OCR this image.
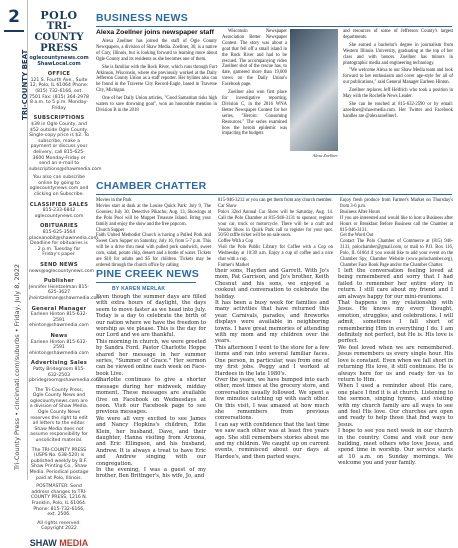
2
Tri-County Press • cincinnati.com/suburbs • Friday, July 8, 2022
TRI-COUNTY BEAT
POLO
TRI-COUNTY
PRESS
oglecountynews.com
ShawLocal.com
OFFICE
121 S. Fourth Ave., Suite 12, Polo, IL 61064 Phone: (815) 732-6166, ext. 7501 Fax: (815) 364-2978 8 a.m. to 5 p.m. Monday-Friday
SUBSCRIPTIONS
$39 in Ogle County, and $52 outside Ogle County. Single-copy price is $2. To subscribe, make a payment or discuss your delivery, call 815-625-3600 Monday-Friday or send an e-mail to subscriptions@shawmedia.com
You also can subscribe online by going to oglecountynews.com and clicking on Subscribe.
CLASSIFIED SALES
815-233-6842 oglecountynews.com
OBITUARIES
815-625-3564 placeanobit@shawmedia.com Deadline for obituaries is 2 p.m. Tuesday for Friday's paper.
SEND NEWS
news@oglecountynews.com
Publisher
Jennifer Heintzelman 815-625-3627 jheintzelman@shawmedia.com
General Manager
Earleen Hinton 815-632-2591 ehinton@shawmedia.com
News
Earleen Hinton 815-632-2591 ehinton@shawmedia.com
Advertising Sales
Patty Bridegroom 815-632-2503 pbridegroom@shawmedia.com
The Tri-County Press, Ogle County News and oglecountynews.com are a division of Shaw Media. Ogle County News reserves the right to edit all letters to the editor. Shaw Media does not assume responsibility for unsolicited material.
The TRI-COUNTY PRESS (USPS No. 638-520) is published weekly by B.F. Shaw Printing Co., Shaw Media. Periodical postage paid at Polo, Illinois.
POSTMASTER: Send address changes to TRI-COUNTY PRESS, 1216 N. Franklin, Polo, IL 61064. Phone: 815-732-6166, ext. 2506.
All rights reserved. Copyright 2022
SHAW MEDIA
BUSINESS NEWS
Alexa Zoellner joins newspaper staff

Alexa Zoellner has joined the staff of Ogle County Newspapers, a division of Shaw Media. Zoellner, 30, is a native of Cary, Illinois, but is looking forward to learning more about Ogle County and its residents as she becomes one of them.

She is familiar with the Rock River, which runs through Fort Atkinson, Wisconsin, where she previously worked at the Daily Jefferson County Union as a staff reporter. Her bylines also can be found in the Traverse City Record-Eagle, based in Traverse City, Michigan.

One of her Daily Union articles, "Good Samaritan risks high waters to save drowning goat", won an honorable mention in Division B in the 2018

Wisconsin Newspaper Association Better Newspaper Contest. The story was about a goat that fell off a small island in the Rock River and had to be rescued. The accompanying video Zoellner shot of the rescue has, to date, garnered more than 19,000 views on the Daily Union's Facebook page.

Zoellner also won first place for investigative reporting, Division C, in the 2016 WNA Better Newspaper Contest for her series, "Heroin: Consuming Resources." The series examined how the heroin epidemic was impacting the budgets

Alexa Zoellner

and resources of some of Jefferson County's largest departments.

She earned a bachelor's degree in journalism from Western Illinois University, graduating at the top of her class and with honors. Zoellner has minors in photographic media and engineering technology.

"We welcome Alexa to our Shaw Media team and look forward to her enthusiasm and cover age-style for all of our publications," said General Manager Earleen Hinton.

Zoellner replaces Jeff Helfrich who took a position in May with the Rochelle News Leader.

She can be reached at 815-632-2590 or by email: azoellner@shawmedia.com. Her Twitter and Facebook handles are @alexazoellner1.

CHAMBER CHATTER
Movies in the Park
Movies start at dusk at the Louise Quick Park: July 9, The Goonies; July 30, Detective Pikachu; Aug. 13, Showings at the Polo Pool will be Muppet Treasure Island. Bring your family and enjoy the show and the free popcorn.
Church Supper
Faith United Methodist Church is having a Pulled Pork and Sweet Corn Supper on Saturday, July 16, from 5-7 p.m. This will be a drive thru meal with pulled pork sandwich, sweet corn, salad, potato chip, dessert and a bottle of water. Tickets are $10 for adults and $5 for children. Tickets may be ordered through the church office by calling
815-946-3212 or you can get them from any church member.
Car Show
Polo's 32nd Annual Car Show will be Saturday, Aug. 14. Call the Polo Chamber at 815-946-3131 to sponsor, register your car, truck or motorcycle. There will be a craft and Vendor Show in Quick Park call to register for your spot. 50/50 raffle ticket will be on sale soon.
Coffee With a Cop
Visit the Polo Public Library for Coffee with a Cop on Wednesday at 10:30 a.m. Enjoy a cup of coffee and a nice chat with a cop.
Farmer's Market
Enjoy fresh produce from Farmer's Market on Thursday's from 3-6 p.m.
Business After Hours
If you are interested and would like to host a Business after Hours or Breakfast Before Business call the Chamber at 815-946-3131.
Get the Word Out
Contact The Polo Chamber of Commerce at (815) 946-3131, polochamber@gmail.com, or mail to P.O. Box 116, Polo, IL 61064 if you would like to add your event on the Chamber Spy, Chamber Website (www.polochamber.org), Chamber Face Book Page and/or the Chamber Chatter.
PINE CREEK NEWS
BY KAREN MERLAK
Even though the summer days are filled with extra hours of daylight, the days seem to move faster as we head into July. Today is a day to celebrate the birth of our nation where we have the freedom to worship as we please. This is the day for our Lord and we are thankful.
This morning in church, we were greeted by Sandra Ford. Pastor Charlotte Hoppe shared her message in her summer series, "Summer of Grace." Her sermon can be viewed online each week on Face-book Live.
Charlotte continues to give a shorter message during her midweek, midday moment. These messages are available (live on Facebook on Wednesdays at noon. Visit our Facebook page to see previous messages.
We were all very excited to see James and Nancy Hopkins's children, Edie Klein, her husband, Dave, and their daughter, Hanna visiting from Arizona, and Eric Ellingson, and his husband, Andrew. It is always a treat to have Eric and Andrew singing with our congregation.
In the evening, I was a guest of my brother, Ben Brittnger's, his wife, Jo, and
their sons, Hayden and Garrett. With Jo's mom, Pat Garrison, and Jo's brother, Keith Chesnut and his sons, we enjoyed a cookout and conversation to celebrate the holiday.
It has been a busy week for families and many activities that have returned this year. Carnivals, parades, and fireworks displays were available in neighboring towns. I have great memories of attending with my mom and my children over the years.
This afternoon I went to the store for a few items and ran into several familiar faces. One person, in particular, was from one of my first jobs. Peggy and I worked at Hardees in the late 1980's.
Over the years, we have bumped into each other, most times at the grocery store, and conversation usually followed. We spent a few minutes catching up with each other. On this visit, I was amazed at how much she remembers from previous conversations.
I can say with confidence that the last time we saw each other was at least five years ago. She still remembers stories about me and my children. We caught up on current events, reminisced about our days at Hardee's, and then parted ways.
I left the conversation feeling loved at being remembered and sorry that I had failed to remember her entire story in return. I still care about my friend and I am always happy for our mini-reunions.
That happens in my relationship with Jesus. He knows my every thought, emotion, struggles, and celebrations. I will admit, sometimes I fall short of remembering Him in everything I do. I am definitely not perfect, but He is. His love is perfect.
We feel loved when we are remembered. Jesus remembers us every single hour. His love is constant. Even when we fall short in returning His love, it still continues. He is always here for us and ready for us to return to Him.
When I used a reminder about His care, one place I find it is at church. Listening to the sermon, singing hymns, and visiting with my church family are all ways to see and feel His love. Our churches are open and ready to help those that find ways to Jesus.
I hope to see you next week in our church in the country. Come and visit our new building, meet others who love Jesus, and spend time in worship. Our service starts at 10 a.m. on Sunday mornings. We welcome you and your family.
